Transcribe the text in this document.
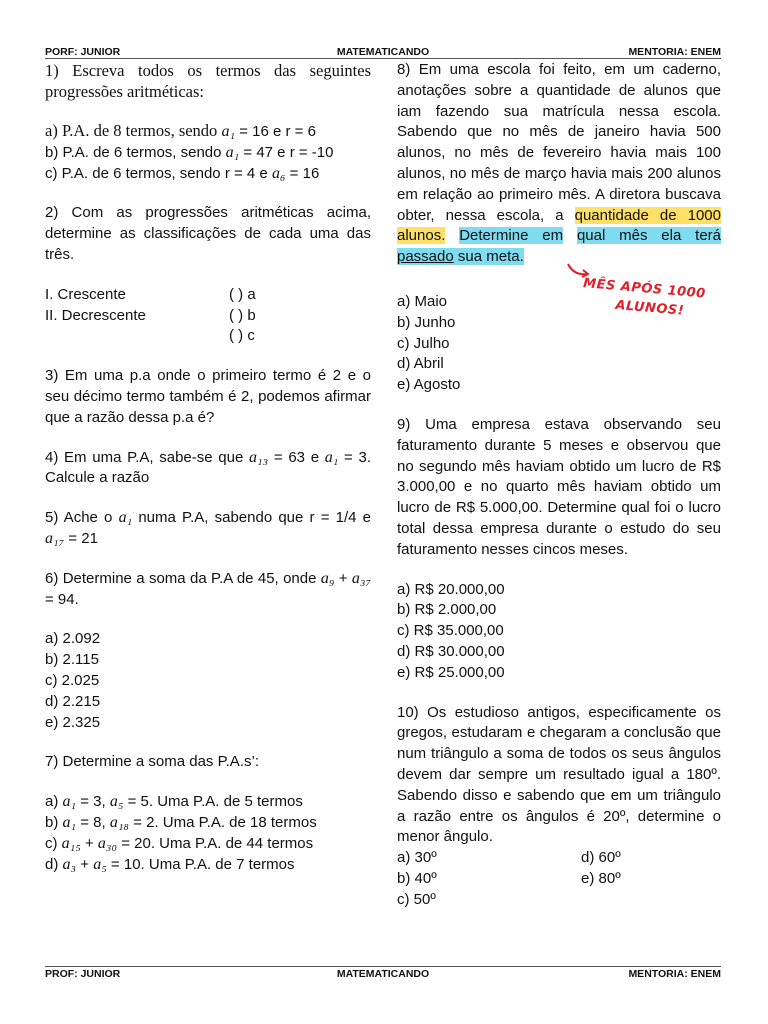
PORF: JUNIOR	MATEMATICANDO	MENTORIA: ENEM

1) Escreva todos os termos das seguintes progressões aritméticas:

a) P.A. de 8 termos, sendo a₁ = 16 e r = 6

b) P.A. de 6 termos, sendo a₁ = 47 e r = -10

c) P.A. de 6 termos, sendo r = 4 e a₆ = 16

2) Com as progressões aritméticas acima, determine as classificações de cada uma das três.

I. Crescente	( ) a
II. Decrescente	( ) b
( ) c

3) Em uma p.a onde o primeiro termo é 2 e o seu décimo termo também é 2, podemos afirmar que a razão dessa p.a é?

4) Em uma P.A, sabe-se que a₁₃ = 63 e a₁ = 3. Calcule a razão

5) Ache o a₁ numa P.A, sabendo que r = 1/4 e a₁₇ = 21

6) Determine a soma da P.A de 45, onde a₉ + a₃₇ = 94.

a) 2.092

b) 2.115

c) 2.025

d) 2.215

e) 2.325

7) Determine a soma das P.A.s’:

a) a₁ = 3, a₅ = 5. Uma P.A. de 5 termos

b) a₁ = 8, a₁₈ = 2. Uma P.A. de 18 termos

c) a₁₅ + a₃₀ = 20. Uma P.A. de 44 termos

d) a₃ + a₅ = 10. Uma P.A. de 7 termos

8) Em uma escola foi feito, em um caderno, anotações sobre a quantidade de alunos que iam fazendo sua matrícula nessa escola. Sabendo que no mês de janeiro havia 500 alunos, no mês de fevereiro havia mais 100 alunos, no mês de março havia mais 200 alunos em relação ao primeiro mês. A diretora buscava obter, nessa escola, a quantidade de 1000 alunos. Determine em qual mês ela terá passado sua meta.

a) Maio

b) Junho

c) Julho

d) Abril

e) Agosto

9) Uma empresa estava observando seu faturamento durante 5 meses e observou que no segundo mês haviam obtido um lucro de R$ 3.000,00 e no quarto mês haviam obtido um lucro de R$ 5.000,00. Determine qual foi o lucro total dessa empresa durante o estudo do seu faturamento nesses cincos meses.

a) R$ 20.000,00

b) R$ 2.000,00

c) R$ 35.000,00

d) R$ 30.000,00

e) R$ 25.000,00

10) Os estudioso antigos, especificamente os gregos, estudaram e chegaram a conclusão que num triângulo a soma de todos os seus ângulos devem dar sempre um resultado igual a 180º. Sabendo disso e sabendo que em um triângulo a razão entre os ângulos é 20º, determine o menor ângulo.

a) 30º	d) 60º
b) 40º	e) 80º
c) 50º
MÊS APÓS 1000
ALUNOS!
PROF: JUNIOR	MATEMATICANDO	MENTORIA: ENEM
